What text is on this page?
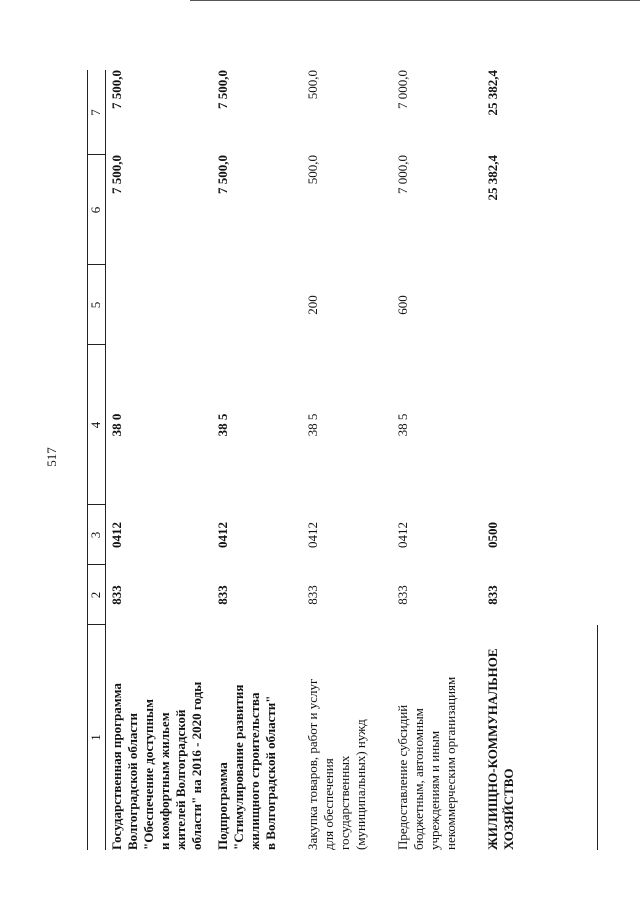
517
1
2
3
4
5
6
7
Государственная программа Волгоградской области "Обеспечение доступным и комфортным жильем жителей Волгоградской области" на 2016 - 2020 годы
833
0412
38 0
7 500,0
7 500,0
Подпрограмма "Стимулирование развития жилищного строительства в Волгоградской области"
833
0412
38 5
7 500,0
7 500,0
Закупка товаров, работ и услуг для обеспечения государственных (муниципальных) нужд
833
0412
38 5
200
500,0
500,0
Предоставление субсидий бюджетным, автономным учреждениям и иным некоммерческим организациям
833
0412
38 5
600
7 000,0
7 000,0
ЖИЛИЩНО-КОММУНАЛЬНОЕ ХОЗЯЙСТВО
833
0500
25 382,4
25 382,4
